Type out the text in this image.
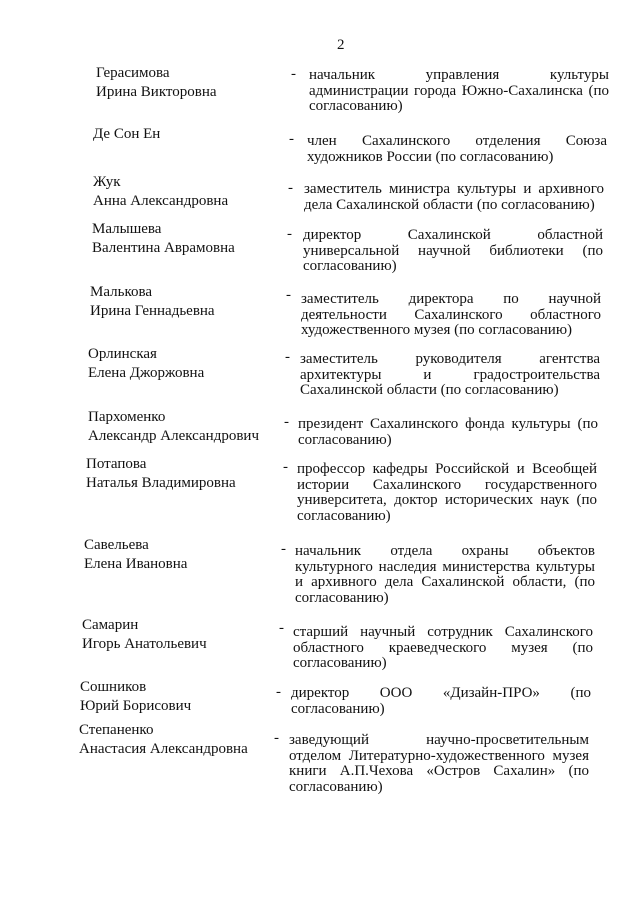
2
Герасимова
Ирина Викторовна
- начальник управления культуры администрации города Южно-Сахалинска (по согласованию)
Де Сон Ен	- член Сахалинского отделения Союза художников России (по согласованию)
Жук
Анна Александровна
- заместитель министра культуры и архивного дела Сахалинской области (по согласованию)
Малышева
Валентина Аврамовна
- директор Сахалинской областной универсальной научной библиотеки (по согласованию)
Малькова
Ирина Геннадьевна
- заместитель директора по научной деятельности Сахалинского областного художественного музея (по согласованию)
Орлинская
Елена Джоржовна
- заместитель руководителя агентства архитектуры и градостроительства Сахалинской области (по согласованию)
Пархоменко
Александр Александрович
- президент Сахалинского фонда культуры (по согласованию)
Потапова
Наталья Владимировна
- профессор кафедры Российской и Всеобщей истории Сахалинского государственного университета, доктор исторических наук (по согласованию)
Савельева
Елена Ивановна
- начальник отдела охраны объектов культурного наследия министерства культуры и архивного дела Сахалинской области, (по согласованию)
Самарин
Игорь Анатольевич
- старший научный сотрудник Сахалинского областного краеведческого музея (по согласованию)
Сошников
Юрий Борисович
- директор ООО «Дизайн-ПРО» (по согласованию)
Степаненко
Анастасия Александровна
- заведующий научно-просветительным отделом Литературно-художественного музея книги А.П.Чехова «Остров Сахалин» (по согласованию)
